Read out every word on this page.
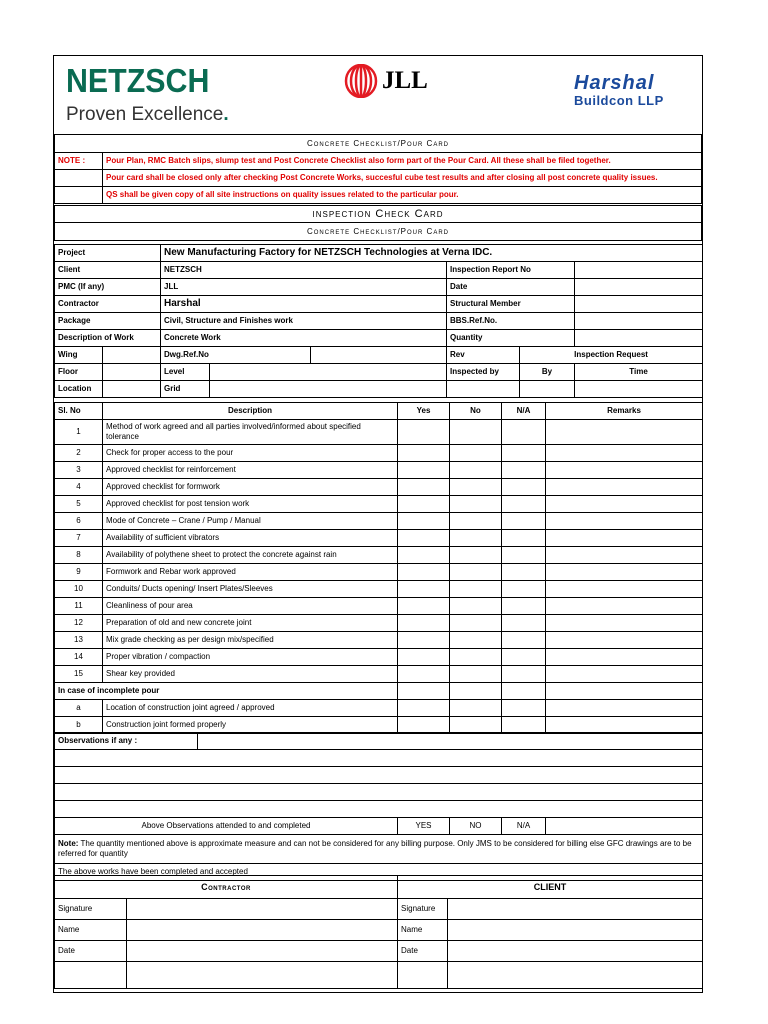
NETZSCH
Proven Excellence.
JLL	Harshal
Buildcon LLP
Concrete Checklist/Pour Card
NOTE :	Pour Plan, RMC Batch slips, slump test and Post Concrete Checklist also form part of the Pour Card. All these shall be filed together.
	Pour card shall be closed only after checking Post Concrete Works, succesful cube test results and after closing all post concrete quality issues.
	QS shall be given copy of all site instructions on quality issues related to the particular pour.
inspection Check Card
Concrete Checklist/Pour Card
Project		New Manufacturing Factory for NETZSCH Technologies at Verna IDC.					
Client		NETZSCH			Inspection Report No		
PMC (If any)		JLL			Date		
Contractor		Harshal			Structural Member		
Package		Civil, Structure and Finishes work			BBS.Ref.No.		
Description of Work		Concrete Work			Quantity		
Wing		Dwg.Ref.No			Rev	Inspection Request	
Floor		Level			Inspected by	By	Time
Location		Grid					
Sl. No	Description	Yes	No	N/A	Remarks
1	Method of work agreed and all parties involved/informed about specified tolerance				
2	Check for proper access to the pour				
3	Approved checklist for reinforcement				
4	Approved checklist for formwork				
5	Approved checklist for post tension work				
6	Mode of Concrete – Crane / Pump / Manual				
7	Availability of sufficient vibrators				
8	Availability of polythene sheet to protect the concrete against rain				
9	Formwork and Rebar work approved				
10	Conduits/ Ducts opening/ Insert Plates/Sleeves				
11	Cleanliness of pour area				
12	Preparation of old and new concrete joint				
13	Mix grade checking as per design mix/specified				
14	Proper vibration / compaction				
15	Shear key provided				
In case of incomplete pour					
a	Location of construction joint agreed / approved				
b	Construction joint formed properly				
Observations if any :					

Above Observations attended to and completed		YES	NO	N/A	
Note: The quantity mentioned above is approximate measure and can not be considered for any billing purpose. Only JMS to be considered for billing else GFC drawings are to be referred for quantity					
The above works have been completed and accepted					
Contractor		CLIENT	
Signature		Signature	
Name		Name	
Date		Date	
